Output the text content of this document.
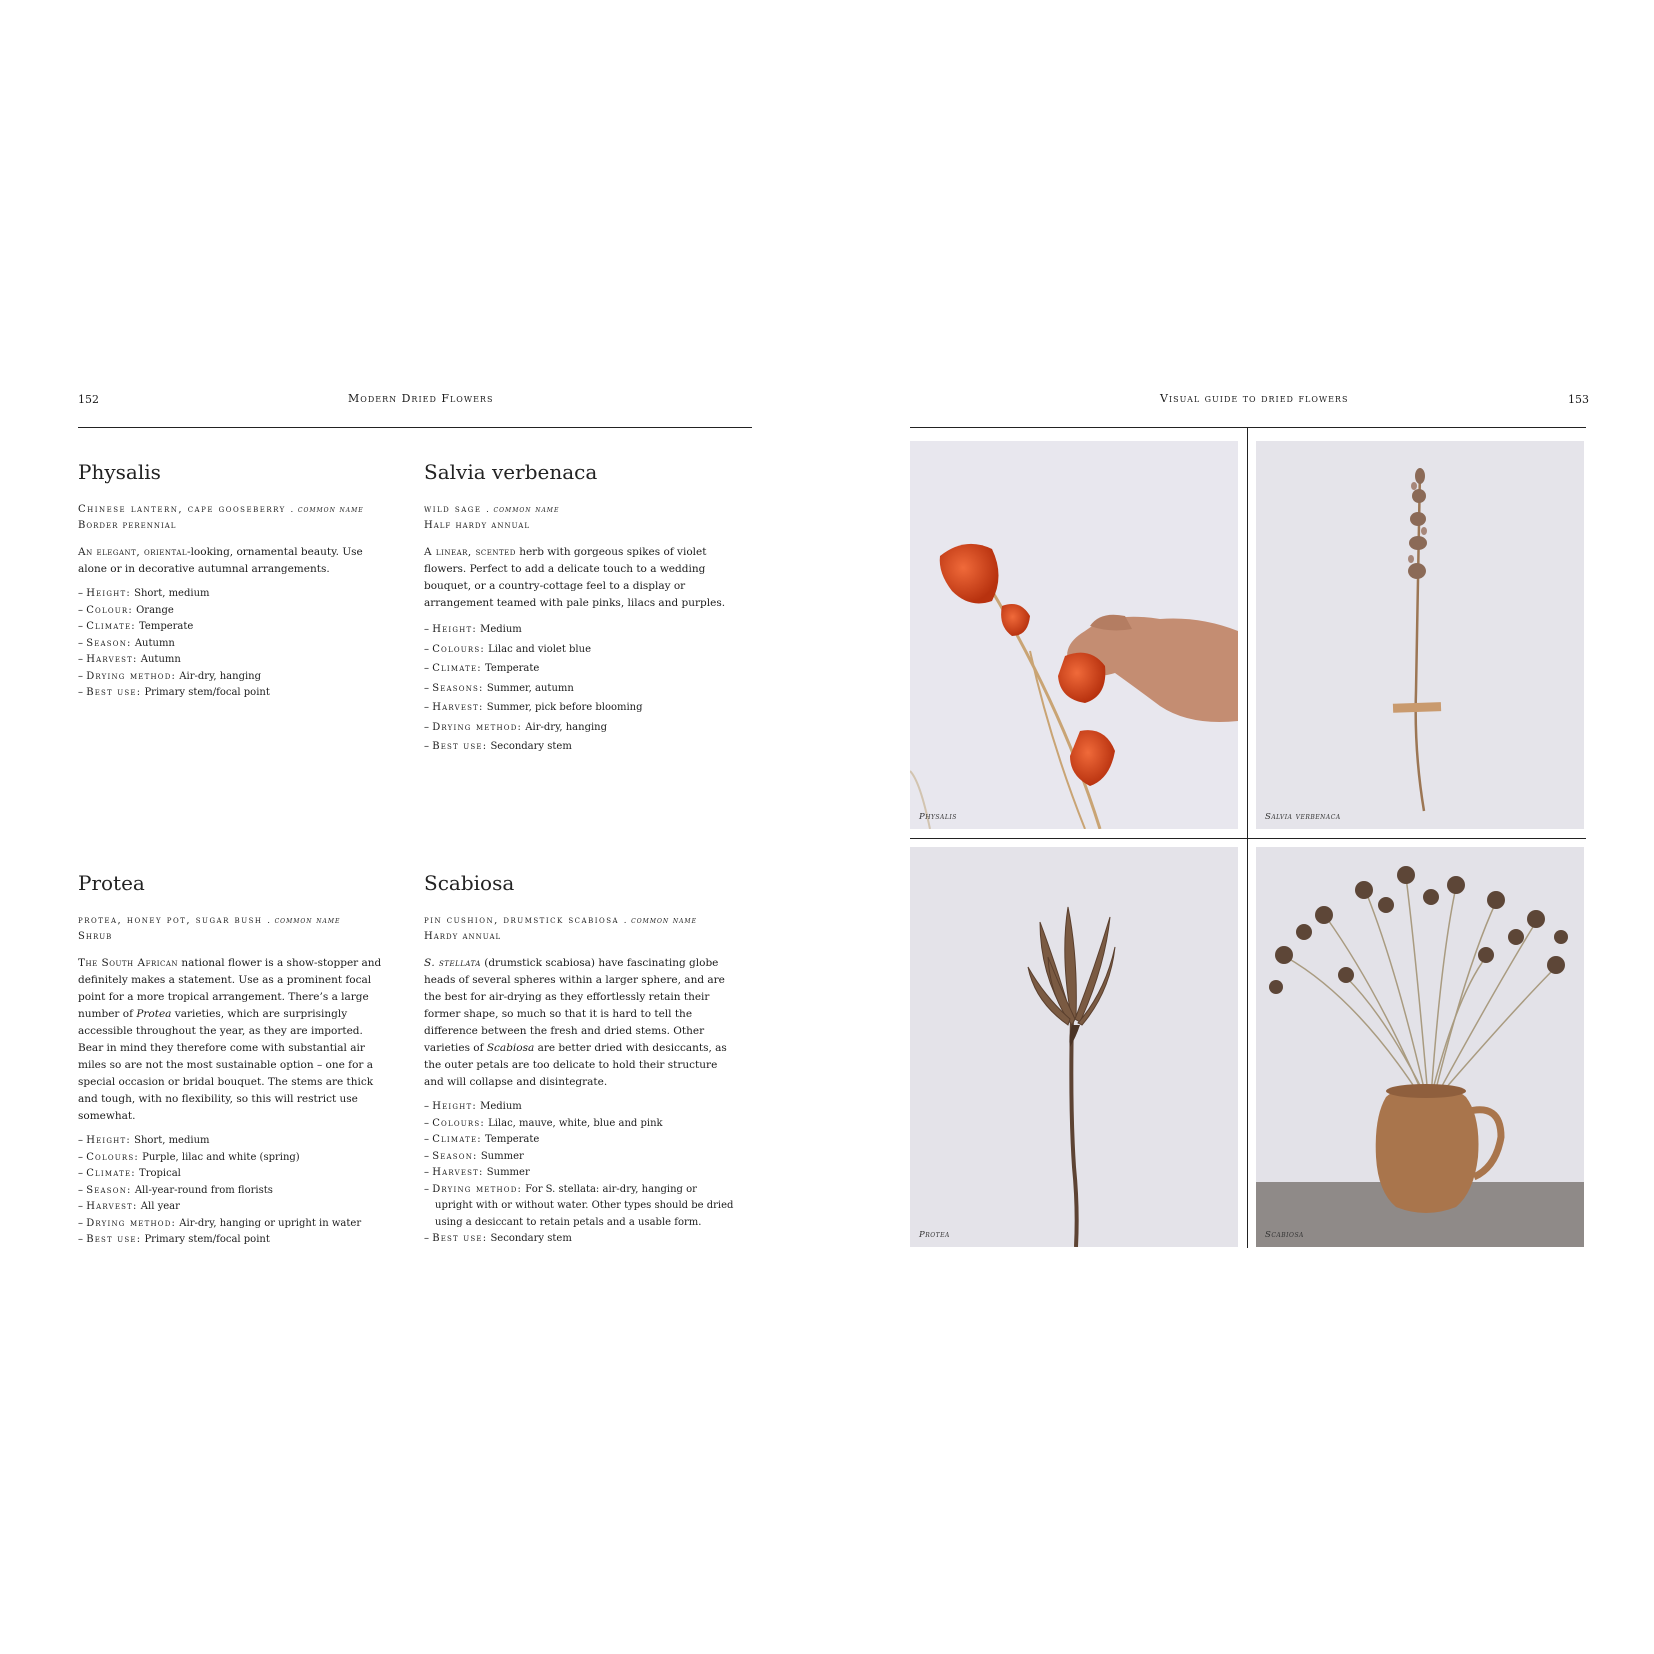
152	Modern Dried Flowers	Visual guide to dried flowers	153
Physalis
Chinese lantern, cape gooseberry . common name
Border perennial

An elegant, oriental-looking, ornamental beauty. Use alone or in decorative autumnal arrangements.

– Height: Short, medium
– Colour: Orange
– Climate: Temperate
– Season: Autumn
– Harvest: Autumn
– Drying method: Air-dry, hanging
– Best use: Primary stem/focal point
Salvia verbenaca
wild sage . common name
Half hardy annual

A linear, scented herb with gorgeous spikes of violet flowers. Perfect to add a delicate touch to a wedding bouquet, or a country-cottage feel to a display or arrangement teamed with pale pinks, lilacs and purples.

– Height: Medium
– Colours: Lilac and violet blue
– Climate: Temperate
– Seasons: Summer, autumn
– Harvest: Summer, pick before blooming
– Drying method: Air-dry, hanging
– Best use: Secondary stem
Protea
protea, honey pot, sugar bush . common name
Shrub

The South African national flower is a show-stopper and definitely makes a statement. Use as a prominent focal point for a more tropical arrangement. There’s a large number of Protea varieties, which are surprisingly accessible throughout the year, as they are imported. Bear in mind they therefore come with substantial air miles so are not the most sustainable option – one for a special occasion or bridal bouquet. The stems are thick and tough, with no flexibility, so this will restrict use somewhat.

– Height: Short, medium
– Colours: Purple, lilac and white (spring)
– Climate: Tropical
– Season: All-year-round from florists
– Harvest: All year
– Drying method: Air-dry, hanging or upright in water
– Best use: Primary stem/focal point
Scabiosa
pin cushion, drumstick scabiosa . common name
Hardy annual

S. stellata (drumstick scabiosa) have fascinating globe heads of several spheres within a larger sphere, and are the best for air-drying as they effortlessly retain their former shape, so much so that it is hard to tell the difference between the fresh and dried stems. Other varieties of Scabiosa are better dried with desiccants, as the outer petals are too delicate to hold their structure and will collapse and disintegrate.

– Height: Medium
– Colours: Lilac, mauve, white, blue and pink
– Climate: Temperate
– Season: Summer
– Harvest: Summer
– Drying method: For S. stellata: air-dry, hanging or upright with or without water. Other types should be dried using a desiccant to retain petals and a usable form.
– Best use: Secondary stem
Physalis	Salvia verbenaca
Protea	Scabiosa
